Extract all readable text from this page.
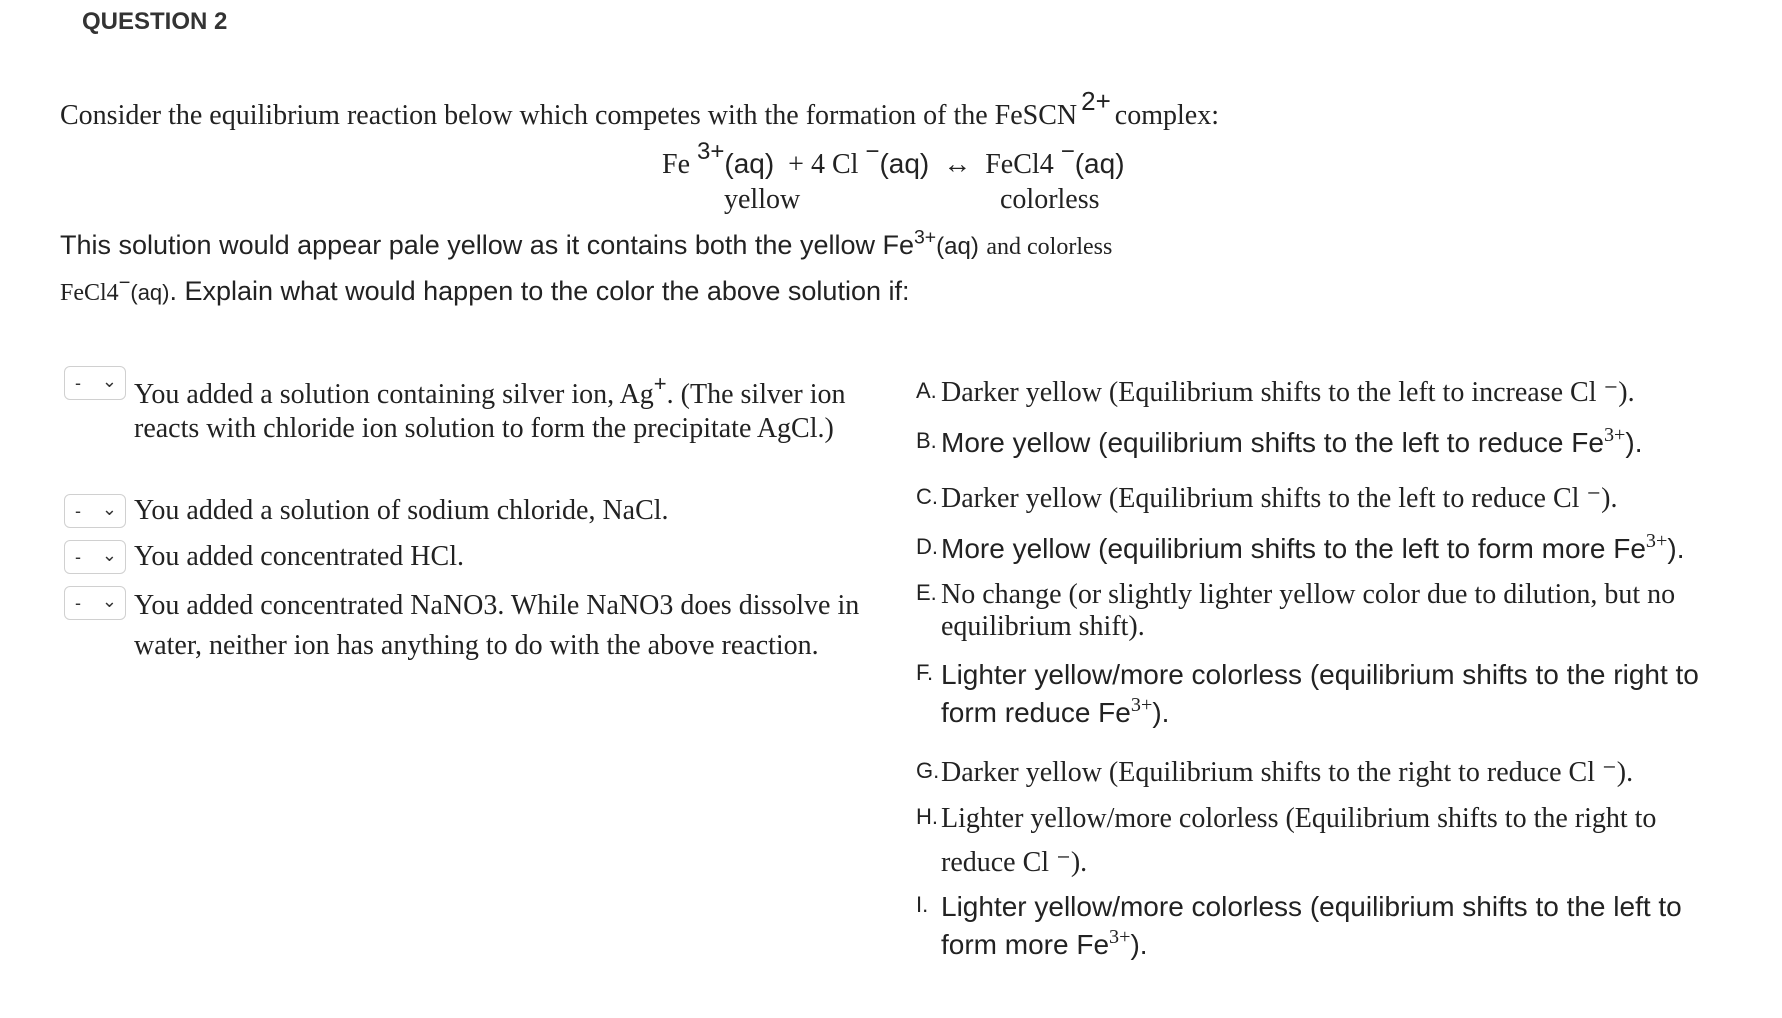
QUESTION 2
Consider the equilibrium reaction below which competes with the formation of the FeSCN 2+ complex:
Fe 3+(aq) + 4 Cl −(aq) ↔ FeCl4 −(aq)
yellow	colorless
This solution would appear pale yellow as it contains both the yellow $Fe^{3+}(aq)$ and colorless
FeCl4−(aq). Explain what would happen to the color the above solution if:
- ⌄ You added a solution containing silver ion, Ag+. (The silver ion
reacts with chloride ion solution to form the precipitate AgCl.)
- ⌄ You added a solution of sodium chloride, NaCl.
- ⌄ You added concentrated HCl.
- ⌄ You added concentrated NaNO3. While NaNO3 does dissolve in
water, neither ion has anything to do with the above reaction.
A. Darker yellow (Equilibrium shifts to the left to increase Cl ⁻).
B. More yellow (equilibrium shifts to the left to reduce $Fe^{3+}$).
C. Darker yellow (Equilibrium shifts to the left to reduce Cl ⁻).
D. More yellow (equilibrium shifts to the left to form more $Fe^{3+}$).
E. No change (or slightly lighter yellow color due to dilution, but no
equilibrium shift).
F. Lighter yellow/more colorless (equilibrium shifts to the right to
form reduce $Fe^{3+}$).
G. Darker yellow (Equilibrium shifts to the right to reduce Cl ⁻).
H. Lighter yellow/more colorless (Equilibrium shifts to the right to
reduce Cl ⁻).
I. Lighter yellow/more colorless (equilibrium shifts to the left to
form more $Fe^{3+}$).
